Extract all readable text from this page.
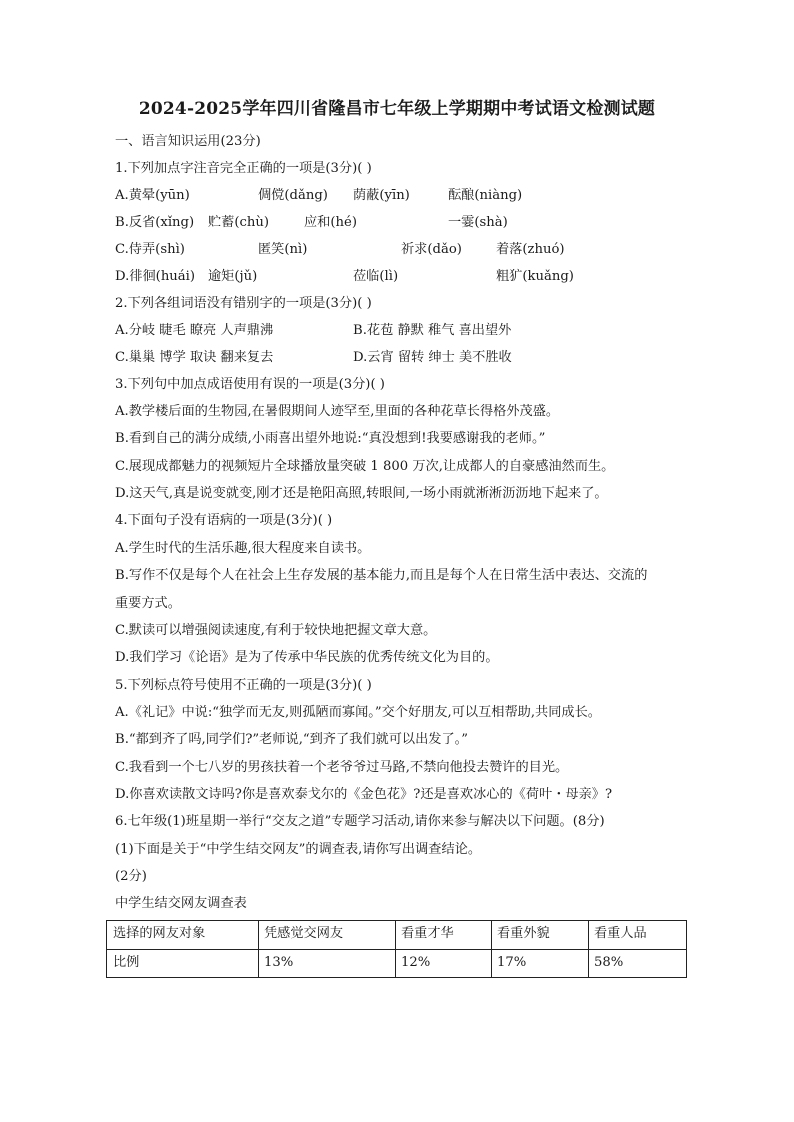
2024-2025学年四川省隆昌市七年级上学期期中考试语文检测试题
一、语言知识运用(23分)
1.下列加点字注音完全正确的一项是(3分)( )
A.黄晕(yūn)	倜傥(dǎng) 荫蔽(yīn)	酝酿(niàng)
B.反省(xǐng) 贮蓄(chù)	应和(hé)	一霎(shà)
C.侍弄(shì)	匿笑(nì)	祈求(dǎo)	着落(zhuó)
D.徘徊(huái) 逾矩(jǔ)	莅临(lì)	粗犷(kuǎng)
2.下列各组词语没有错别字的一项是(3分)( )
A.分岐 睫毛 瞭亮 人声鼎沸	B.花苞 静默 稚气 喜出望外
C.巢巢 博学 取诀 翻来复去	D.云宵 留转 绅士 美不胜收
3.下列句中加点成语使用有误的一项是(3分)( )
A.教学楼后面的生物园,在暑假期间人迹罕至,里面的各种花草长得格外茂盛。
B.看到自己的满分成绩,小雨喜出望外地说:“真没想到!我要感谢我的老师。”
C.展现成都魅力的视频短片全球播放量突破 1 800 万次,让成都人的自豪感油然而生。
D.这天气,真是说变就变,刚才还是艳阳高照,转眼间,一场小雨就淅淅沥沥地下起来了。
4.下面句子没有语病的一项是(3分)( )
A.学生时代的生活乐趣,很大程度来自读书。
B.写作不仅是每个人在社会上生存发展的基本能力,而且是每个人在日常生活中表达、交流的
重要方式。
C.默读可以增强阅读速度,有利于较快地把握文章大意。
D.我们学习《论语》是为了传承中华民族的优秀传统文化为目的。
5.下列标点符号使用不正确的一项是(3分)( )
A.《礼记》中说:“独学而无友,则孤陋而寡闻。”交个好朋友,可以互相帮助,共同成长。
B.“都到齐了吗,同学们?”老师说,“到齐了我们就可以出发了。”
C.我看到一个七八岁的男孩扶着一个老爷爷过马路,不禁向他投去赞许的目光。
D.你喜欢读散文诗吗?你是喜欢泰戈尔的《金色花》?还是喜欢冰心的《荷叶・母亲》?
6.七年级(1)班星期一举行“交友之道”专题学习活动,请你来参与解决以下问题。(8分)
(1)下面是关于“中学生结交网友”的调查表,请你写出调查结论。
(2分)
中学生结交网友调查表
选择的网友对象	凭感觉交网友	看重才华	看重外貌	看重人品
比例	13%	12%	17%	58%
